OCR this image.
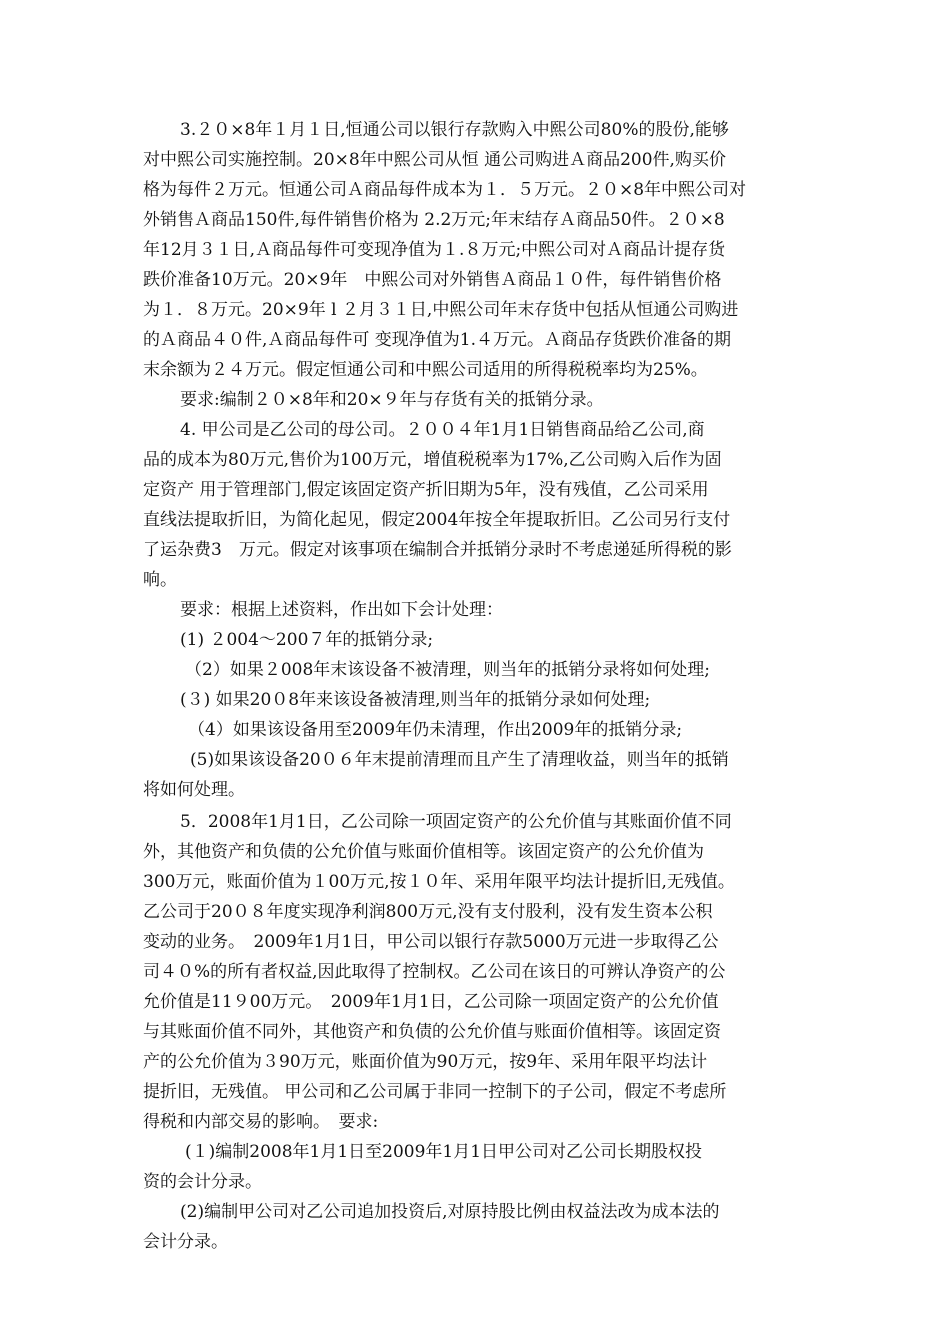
3.２０×8年１月１日,恒通公司以银行存款购入中熙公司80%的股份,能够
对中熙公司实施控制。20×8年中熙公司从恒 通公司购进Ａ商品200件,购买价
格为每件２万元。恒通公司Ａ商品每件成本为１．５万元。２０×8年中熙公司对
外销售Ａ商品150件,每件销售价格为 2.2万元;年末结存Ａ商品50件。２０×8
年12月３１日,Ａ商品每件可变现净值为１.８万元;中熙公司对Ａ商品计提存货
跌价准备10万元。20×9年　中熙公司对外销售Ａ商品１０件，每件销售价格
为１．８万元。20×9年 l ２月３１日,中熙公司年末存货中包括从恒通公司购进
的Ａ商品４０件,Ａ商品每件可 变现净值为1.４万元。Ａ商品存货跌价准备的期
末余额为２４万元。假定恒通公司和中熙公司适用的所得税税率均为25%。
要求:编制２０×8年和20×９年与存货有关的抵销分录。
4. 甲公司是乙公司的母公司。２００４年1月1日销售商品给乙公司,商
品的成本为80万元,售价为100万元，增值税税率为17%,乙公司购入后作为固
定资产 用于管理部门,假定该固定资产折旧期为5年，没有残值，乙公司采用
直线法提取折旧，为简化起见，假定2004年按全年提取折旧。乙公司另行支付
了运杂费3　万元。假定对该事项在编制合并抵销分录时不考虑递延所得税的影
响。
要求：根据上述资料，作出如下会计处理：
(1) ２004～200７年的抵销分录;
（2）如果２008年末该设备不被清理，则当年的抵销分录将如何处理;
(３) 如果20０8年来该设备被清理,则当年的抵销分录如何处理;
（4）如果该设备用至2009年仍未清理，作出2009年的抵销分录;
(5)如果该设备20０６年末提前清理而且产生了清理收益，则当年的抵销
将如何处理。
5．2008年1月1日，乙公司除一项固定资产的公允价值与其账面价值不同
外，其他资产和负债的公允价值与账面价值相等。该固定资产的公允价值为
300万元，账面价值为１00万元,按１０年、采用年限平均法计提折旧,无残值。
乙公司于20０８年度实现净利润800万元,没有支付股利，没有发生资本公积
变动的业务。　2009年1月1日，甲公司以银行存款5000万元进一步取得乙公
司４０%的所有者权益,因此取得了控制权。乙公司在该日的可辨认净资产的公
允价值是11９00万元。　2009年1月1日，乙公司除一项固定资产的公允价值
与其账面价值不同外，其他资产和负债的公允价值与账面价值相等。该固定资
产的公允价值为３90万元，账面价值为90万元，按9年、采用年限平均法计
提折旧，无残值。 甲公司和乙公司属于非同一控制下的子公司，假定不考虑所
得税和内部交易的影响。　要求:
(１)编制2008年1月1日至2009年1月1日甲公司对乙公司长期股权投
资的会计分录。
(2)编制甲公司对乙公司追加投资后,对原持股比例由权益法改为成本法的
会计分录。
